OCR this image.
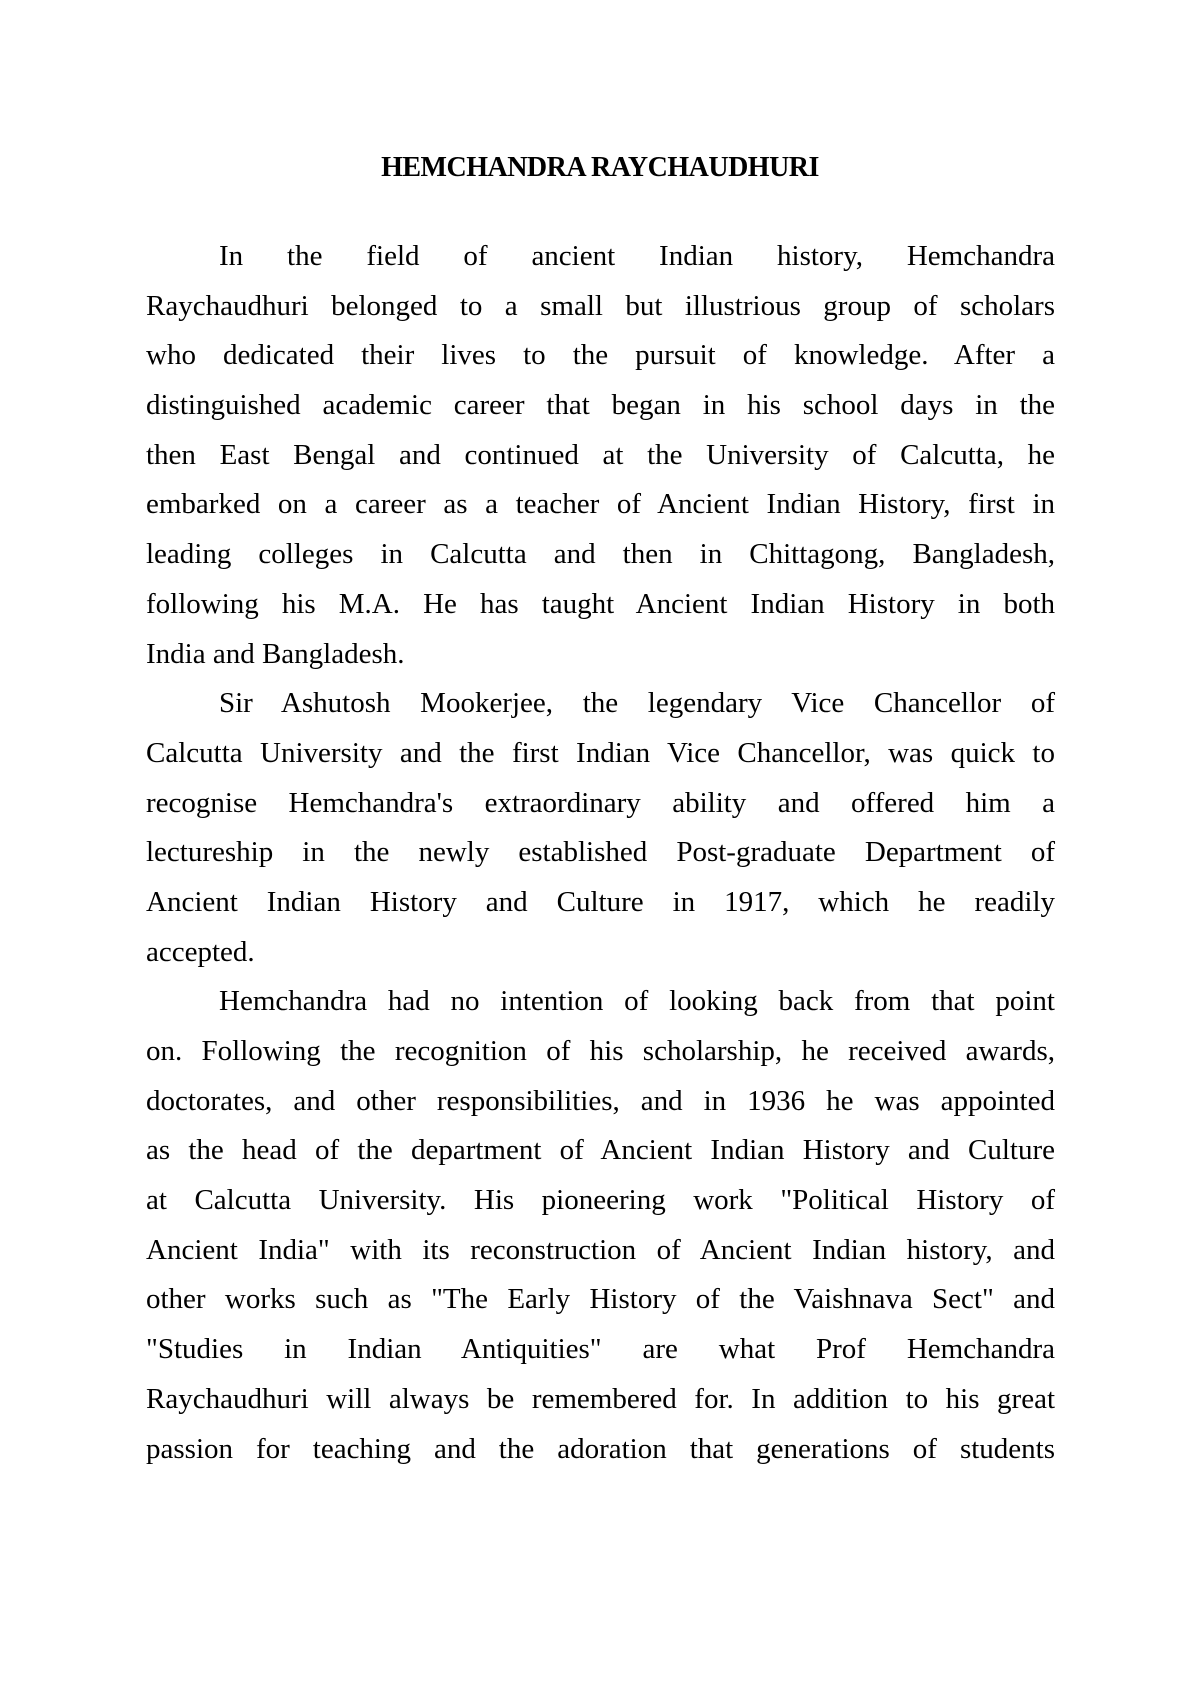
HEMCHANDRA RAYCHAUDHURI
In the field of ancient Indian history, Hemchandra
Raychaudhuri belonged to a small but illustrious group of scholars
who dedicated their lives to the pursuit of knowledge. After a
distinguished academic career that began in his school days in the
then East Bengal and continued at the University of Calcutta, he
embarked on a career as a teacher of Ancient Indian History, first in
leading colleges in Calcutta and then in Chittagong, Bangladesh,
following his M.A. He has taught Ancient Indian History in both
India and Bangladesh.
Sir Ashutosh Mookerjee, the legendary Vice Chancellor of
Calcutta University and the first Indian Vice Chancellor, was quick to
recognise Hemchandra's extraordinary ability and offered him a
lectureship in the newly established Post-graduate Department of
Ancient Indian History and Culture in 1917, which he readily
accepted.
Hemchandra had no intention of looking back from that point
on. Following the recognition of his scholarship, he received awards,
doctorates, and other responsibilities, and in 1936 he was appointed
as the head of the department of Ancient Indian History and Culture
at Calcutta University. His pioneering work "Political History of
Ancient India" with its reconstruction of Ancient Indian history, and
other works such as "The Early History of the Vaishnava Sect" and
"Studies in Indian Antiquities" are what Prof Hemchandra
Raychaudhuri will always be remembered for. In addition to his great
passion for teaching and the adoration that generations of students
